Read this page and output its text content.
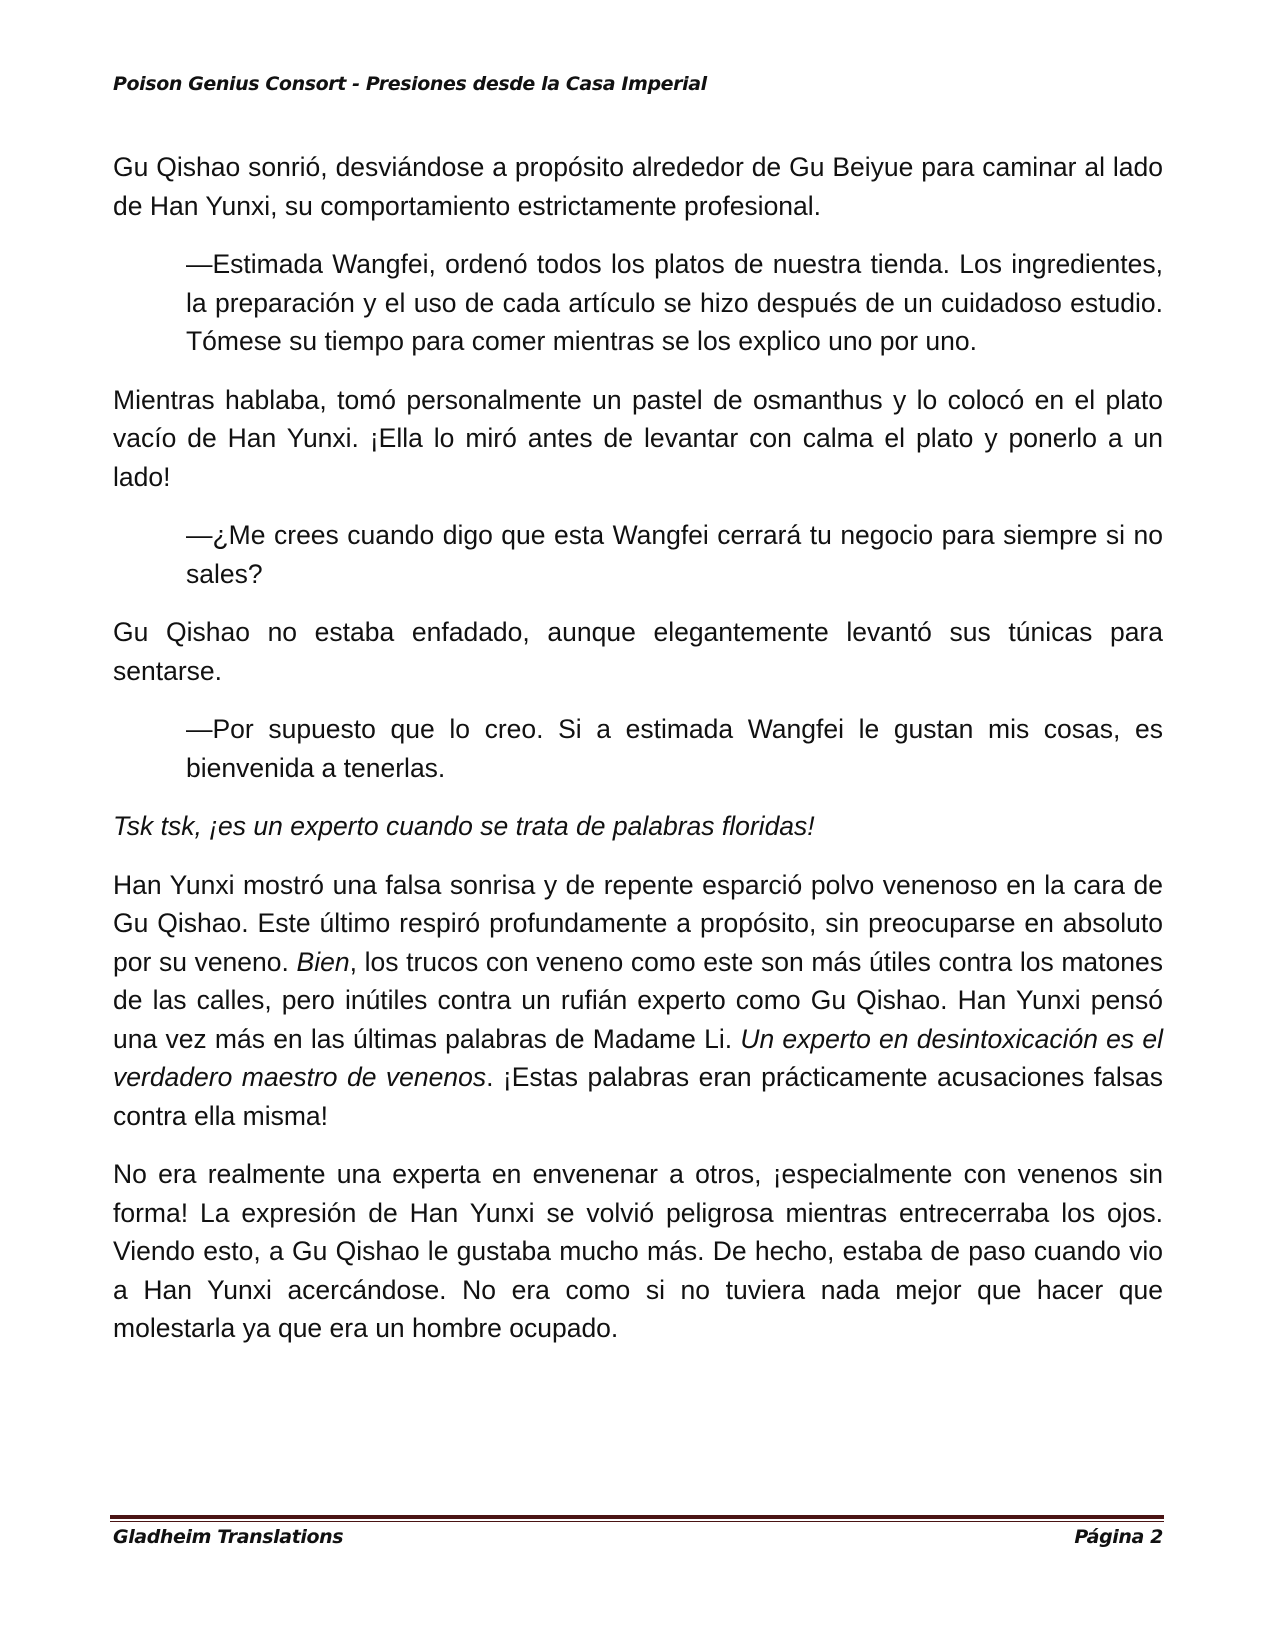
Poison Genius Consort - Presiones desde la Casa Imperial

Gu Qishao sonrió, desviándose a propósito alrededor de Gu Beiyue para caminar al lado de Han Yunxi, su comportamiento estrictamente profesional.

—Estimada Wangfei, ordenó todos los platos de nuestra tienda. Los ingredientes, la preparación y el uso de cada artículo se hizo después de un cuidadoso estudio. Tómese su tiempo para comer mientras se los explico uno por uno.

Mientras hablaba, tomó personalmente un pastel de osmanthus y lo colocó en el plato vacío de Han Yunxi. ¡Ella lo miró antes de levantar con calma el plato y ponerlo a un lado!

—¿Me crees cuando digo que esta Wangfei cerrará tu negocio para siempre si no sales?

Gu Qishao no estaba enfadado, aunque elegantemente levantó sus túnicas para sentarse.

—Por supuesto que lo creo. Si a estimada Wangfei le gustan mis cosas, es bienvenida a tenerlas.

Tsk tsk, ¡es un experto cuando se trata de palabras floridas!

Han Yunxi mostró una falsa sonrisa y de repente esparció polvo venenoso en la cara de Gu Qishao. Este último respiró profundamente a propósito, sin preocuparse en absoluto por su veneno. Bien, los trucos con veneno como este son más útiles contra los matones de las calles, pero inútiles contra un rufián experto como Gu Qishao. Han Yunxi pensó una vez más en las últimas palabras de Madame Li. Un experto en desintoxicación es el verdadero maestro de venenos. ¡Estas palabras eran prácticamente acusaciones falsas contra ella misma!

No era realmente una experta en envenenar a otros, ¡especialmente con venenos sin forma! La expresión de Han Yunxi se volvió peligrosa mientras entrecerraba los ojos. Viendo esto, a Gu Qishao le gustaba mucho más. De hecho, estaba de paso cuando vio a Han Yunxi acercándose. No era como si no tuviera nada mejor que hacer que molestarla ya que era un hombre ocupado.

Gladheim Translations	Página 2
